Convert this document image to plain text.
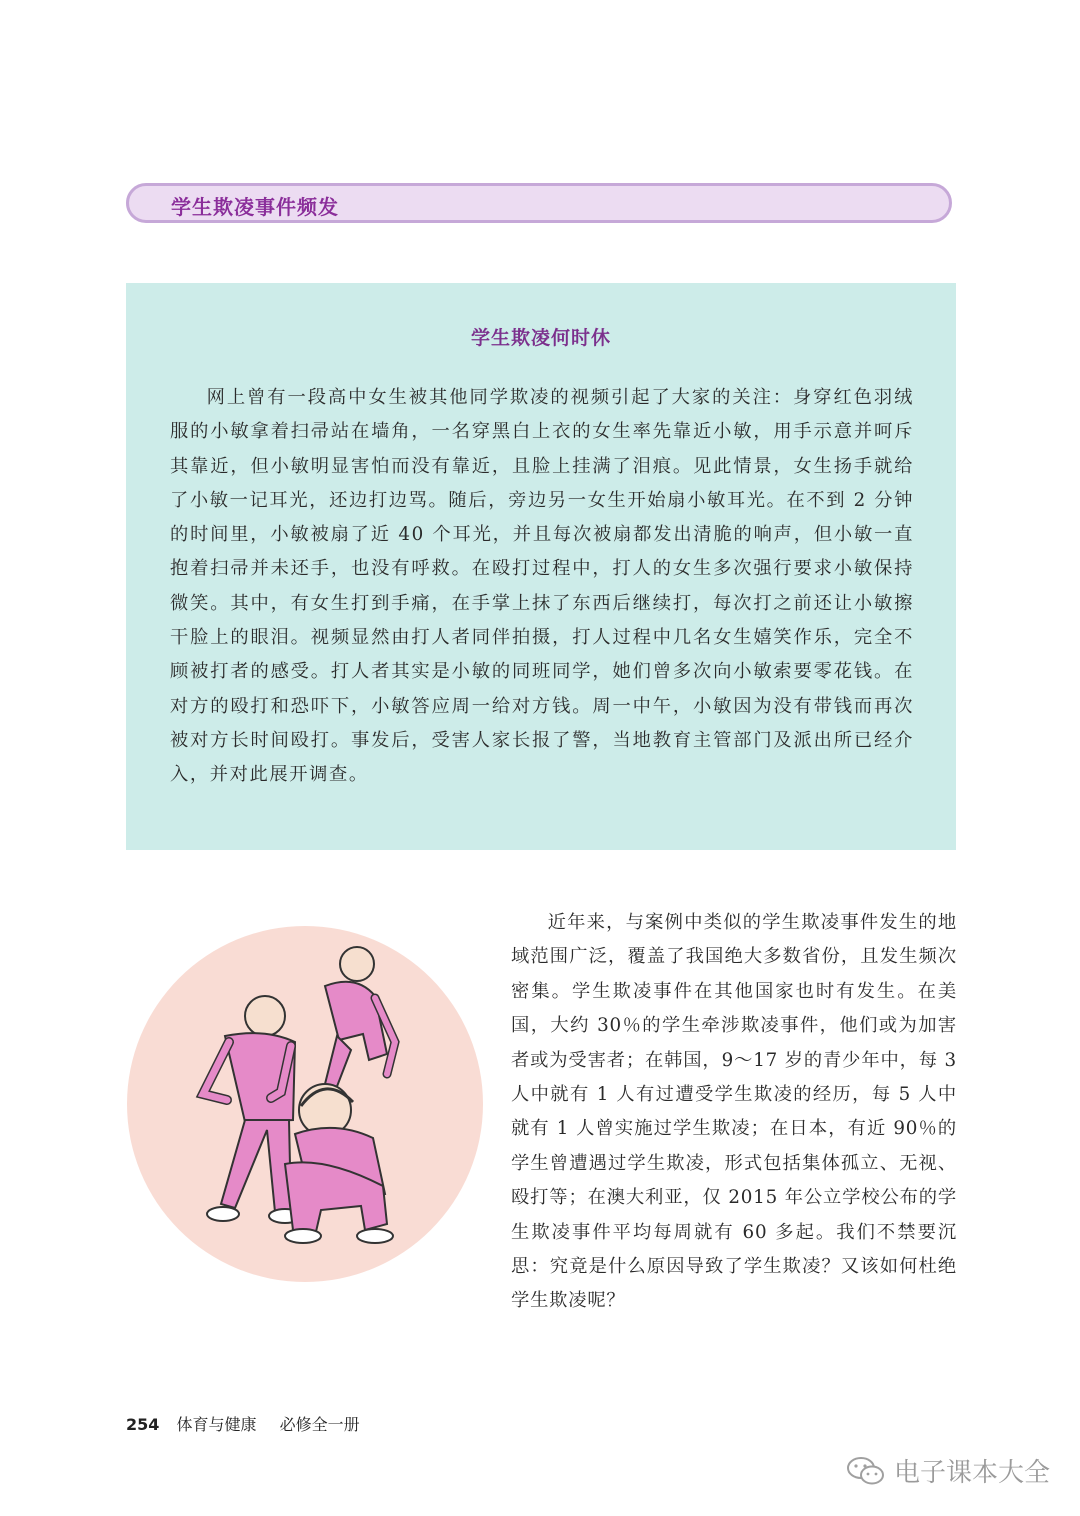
学生欺凌事件频发
学生欺凌何时休

网上曾有一段高中女生被其他同学欺凌的视频引起了大家的关注：身穿红色羽绒服的小敏拿着扫帚站在墙角，一名穿黑白上衣的女生率先靠近小敏，用手示意并呵斥其靠近，但小敏明显害怕而没有靠近，且脸上挂满了泪痕。见此情景，女生扬手就给了小敏一记耳光，还边打边骂。随后，旁边另一女生开始扇小敏耳光。在不到 2 分钟的时间里，小敏被扇了近 40 个耳光，并且每次被扇都发出清脆的响声，但小敏一直抱着扫帚并未还手，也没有呼救。在殴打过程中，打人的女生多次强行要求小敏保持微笑。其中，有女生打到手痛，在手掌上抹了东西后继续打，每次打之前还让小敏擦干脸上的眼泪。视频显然由打人者同伴拍摄，打人过程中几名女生嬉笑作乐，完全不顾被打者的感受。打人者其实是小敏的同班同学，她们曾多次向小敏索要零花钱。在对方的殴打和恐吓下，小敏答应周一给对方钱。周一中午，小敏因为没有带钱而再次被对方长时间殴打。事发后，受害人家长报了警，当地教育主管部门及派出所已经介入，并对此展开调查。

近年来，与案例中类似的学生欺凌事件发生的地域范围广泛，覆盖了我国绝大多数省份，且发生频次密集。学生欺凌事件在其他国家也时有发生。在美国，大约 30％的学生牵涉欺凌事件，他们或为加害者或为受害者；在韩国，9～17 岁的青少年中，每 3 人中就有 1 人有过遭受学生欺凌的经历，每 5 人中就有 1 人曾实施过学生欺凌；在日本，有近 90％的学生曾遭遇过学生欺凌，形式包括集体孤立、无视、殴打等；在澳大利亚，仅 2015 年公立学校公布的学生欺凌事件平均每周就有 60 多起。我们不禁要沉思：究竟是什么原因导致了学生欺凌？又该如何杜绝学生欺凌呢？

254 体育与健康 必修全一册
电子课本大全
